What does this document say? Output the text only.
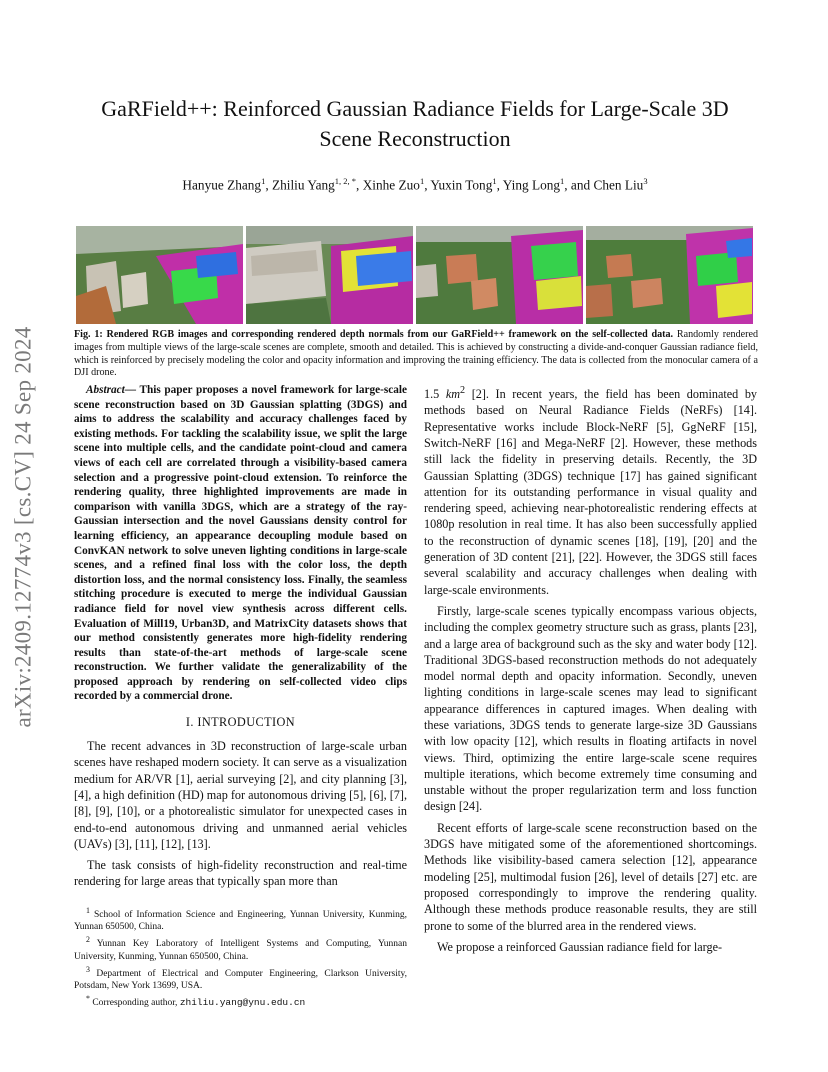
arXiv:2409.12774v3 [cs.CV] 24 Sep 2024
GaRField++: Reinforced Gaussian Radiance Fields for Large-Scale 3D
Scene Reconstruction
Hanyue Zhang$^1$, Zhiliu Yang$^{1, 2, *}$, Xinhe Zuo$^1$, Yuxin Tong$^1$, Ying Long$^1$, and Chen Liu$^3$
Fig. 1: Rendered RGB images and corresponding rendered depth normals from our GaRField++ framework on the self-collected data. Randomly rendered images from multiple views of the large-scale scenes are complete, smooth and detailed. This is achieved by constructing a divide-and-conquer Gaussian radiance field, which is reinforced by precisely modeling the color and opacity information and improving the training efficiency. The data is collected from the monocular camera of a DJI drone.

Abstract— This paper proposes a novel framework for large-scale scene reconstruction based on 3D Gaussian splatting (3DGS) and aims to address the scalability and accuracy challenges faced by existing methods. For tackling the scalability issue, we split the large scene into multiple cells, and the candidate point-cloud and camera views of each cell are correlated through a visibility-based camera selection and a progressive point-cloud extension. To reinforce the rendering quality, three highlighted improvements are made in comparison with vanilla 3DGS, which are a strategy of the ray-Gaussian intersection and the novel Gaussians density control for learning efficiency, an appearance decoupling module based on ConvKAN network to solve uneven lighting conditions in large-scale scenes, and a refined final loss with the color loss, the depth distortion loss, and the normal consistency loss. Finally, the seamless stitching procedure is executed to merge the individual Gaussian radiance field for novel view synthesis across different cells. Evaluation of Mill19, Urban3D, and MatrixCity datasets shows that our method consistently generates more high-fidelity rendering results than state-of-the-art methods of large-scale scene reconstruction. We further validate the generalizability of the proposed approach by rendering on self-collected video clips recorded by a commercial drone.

I. INTRODUCTION

The recent advances in 3D reconstruction of large-scale urban scenes have reshaped modern society. It can serve as a visualization medium for AR/VR [1], aerial surveying [2], and city planning [3], [4], a high definition (HD) map for autonomous driving [5], [6], [7], [8], [9], [10], or a photorealistic simulator for unexpected cases in end-to-end autonomous driving and unmanned aerial vehicles (UAVs) [3], [11], [12], [13].

The task consists of high-fidelity reconstruction and real-time rendering for large areas that typically span more than

$^1$ School of Information Science and Engineering, Yunnan University, Kunming, Yunnan 650500, China.

$^2$ Yunnan Key Laboratory of Intelligent Systems and Computing, Yunnan University, Kunming, Yunnan 650500, China.

$^3$ Department of Electrical and Computer Engineering, Clarkson University, Potsdam, New York 13699, USA.

* Corresponding author, zhiliu.yang@ynu.edu.cn

1.5 $km^2$ [2]. In recent years, the field has been dominated by methods based on Neural Radiance Fields (NeRFs) [14]. Representative works include Block-NeRF [5], GgNeRF [15], Switch-NeRF [16] and Mega-NeRF [2]. However, these methods still lack the fidelity in preserving details. Recently, the 3D Gaussian Splatting (3DGS) technique [17] has gained significant attention for its outstanding performance in visual quality and rendering speed, achieving near-photorealistic rendering effects at 1080p resolution in real time. It has also been successfully applied to the reconstruction of dynamic scenes [18], [19], [20] and the generation of 3D content [21], [22]. However, the 3DGS still faces several scalability and accuracy challenges when dealing with large-scale environments.

Firstly, large-scale scenes typically encompass various objects, including the complex geometry structure such as grass, plants [23], and a large area of background such as the sky and water body [12]. Traditional 3DGS-based reconstruction methods do not adequately model normal depth and opacity information. Secondly, uneven lighting conditions in large-scale scenes may lead to significant appearance differences in captured images. When dealing with these variations, 3DGS tends to generate large-size 3D Gaussians with low opacity [12], which results in floating artifacts in novel views. Third, optimizing the entire large-scale scene requires multiple iterations, which become extremely time consuming and unstable without the proper regularization term and loss function design [24].

Recent efforts of large-scale scene reconstruction based on the 3DGS have mitigated some of the aforementioned shortcomings. Methods like visibility-based camera selection [12], appearance modeling [25], multimodal fusion [26], level of details [27] etc. are proposed correspondingly to improve the rendering quality. Although these methods produce reasonable results, they are still prone to some of the blurred area in the rendered views.

We propose a reinforced Gaussian radiance field for large-
